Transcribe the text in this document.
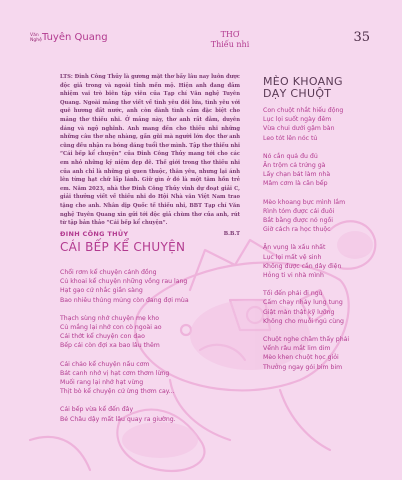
Văn Nghệ Tuyên Quang	THƠ
Thiếu nhi	35
LTS: Đinh Công Thủy là gương mặt thơ bấy lâu nay luôn được độc giả trong và ngoài tỉnh mến mộ. Hiện anh đang đảm nhiệm vai trò biên tập viên của Tạp chí Văn nghệ Tuyên Quang. Ngoài mảng thơ viết về tình yêu đôi lứa, tình yêu với quê hương đất nước, anh còn dành tình cảm đặc biệt cho mảng thơ thiếu nhi. Ở mảng này, thơ anh rất đằm, duyên dáng và ngộ nghĩnh. Anh mang đến cho thiếu nhi những những câu thơ nhẹ nhàng, gần gũi mà người lớn đọc thơ anh cũng đều nhận ra bóng dáng tuổi thơ mình. Tập thơ thiếu nhi “Cái bếp kể chuyện” của Đinh Công Thủy mang tới cho các em nhỏ những kỷ niệm đẹp đẽ. Thế giới trong thơ thiếu nhi của anh chỉ là những gì quen thuộc, thân yêu, nhưng lại ánh lên từng hạt chữ lấp lánh. Giữ gìn ở đó là một tâm hồn trẻ em. Năm 2023, nhà thơ Đinh Công Thủy vinh dự đoạt giải C, giải thưởng viết về thiếu nhi do Hội Nhà văn Việt Nam trao tặng cho anh. Nhân dịp Quốc tế thiếu nhi, BBT Tạp chí Văn nghệ Tuyên Quang xin gửi tới độc giả chùm thơ của anh, rút từ tập bản thảo “Cái bếp kể chuyện”.
B.B.T
ĐINH CÔNG THỦY
CÁI BẾP KỂ CHUYỆN
Chổi rơm kể chuyện cánh đồng
Củ khoai kể chuyện những vồng rau lang
Hạt gạo cứ nhắc giần sàng
Bao nhiêu thúng mủng còn đang đợi mùa
Thạch sùng nhớ chuyện mẹ kho
Củ mắng lại nhớ con cò ngoài ao
Cái thớt kể chuyện con dao
Bếp cái còn đợi xa bao lâu thêm
Cái chảo kể chuyện nấu cơm
Bát canh nhớ vị hạt cơm thơm lừng
Muối rang lại nhớ hạt vừng
Thịt bò kể chuyện cứ ừng thơm cay...
Cái bếp vừa kể đến đây
Bé Châu dậy mất lâu quay ra giường.
MÈO KHOANG
DẠY CHUỘT
Con chuột nhắt hiếu động
Lục lọi suốt ngày đêm
Vừa chui dưới gậm bàn
Leo tót lên nóc tủ
Nó cắn quả đu đủ
Ăn trộm cả trứng gà
Lấy chạn bát làm nhà
Mâm cơm là căn bếp
Mèo khoang bực mình lắm
Rình tóm được cái đuôi
Bắt bằng được nó ngồi
Giờ cách ra học thuộc
Ăn vụng là xấu nhất
Lục lọi mất vệ sinh
Không được cắn dây điện
Hỏng ti vi nhà mình
Tối đến phải đi ngủ
Cấm chạy nhảy lung tung
Giật màn thật kỹ lưỡng
Không cho muỗi ngủ cùng
Chuột nghe chăm thấy phải
Vểnh râu mắt lim dim
Mèo khen chuột học giỏi
Thưởng ngay gói bim bim
